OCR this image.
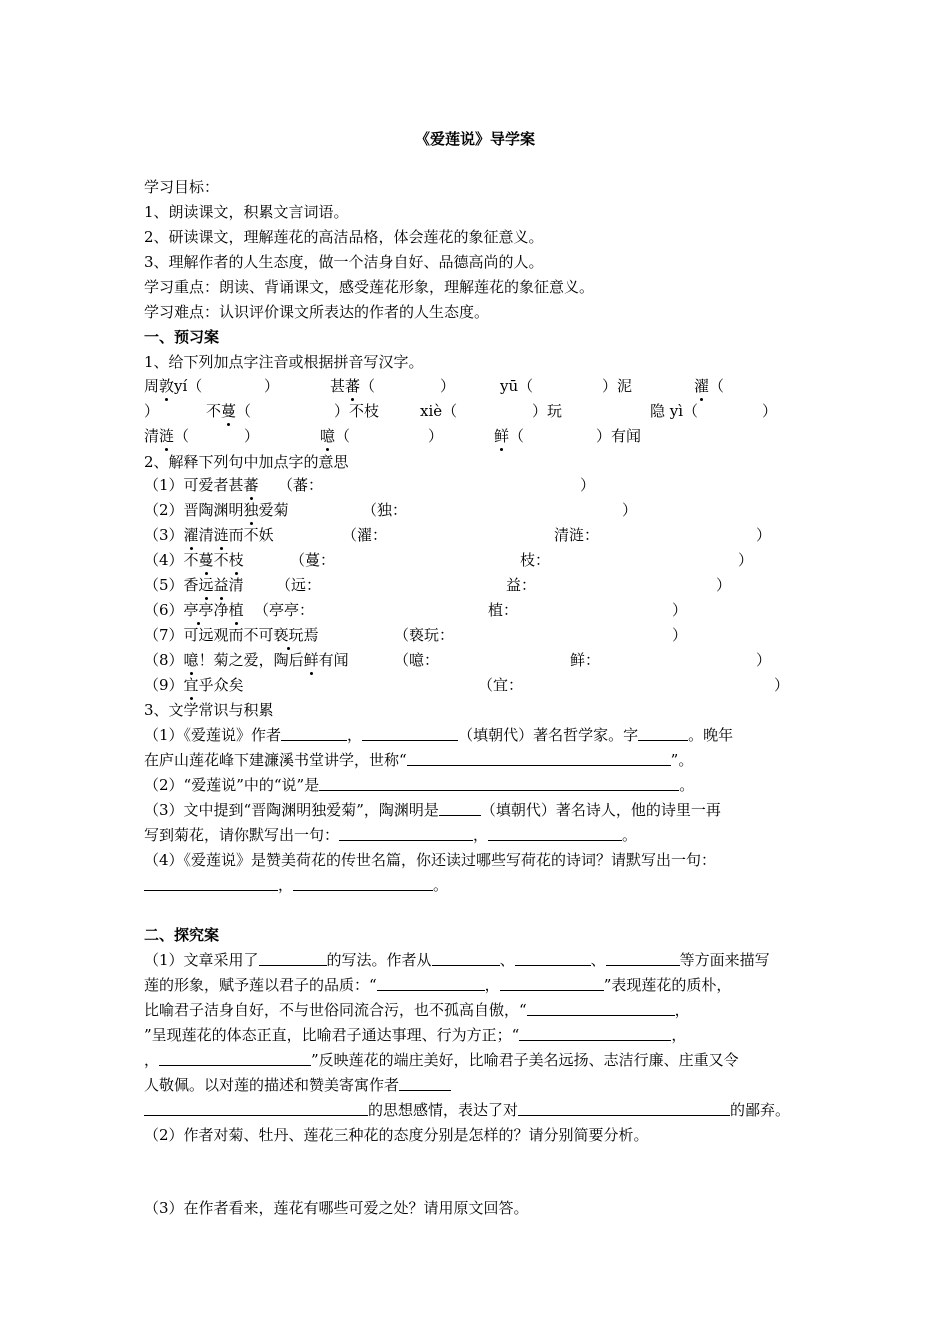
《爱莲说》导学案
学习目标：
1、朗读课文，积累文言词语。
2、研读课文，理解莲花的高洁品格，体会莲花的象征意义。
3、理解作者的人生态度，做一个洁身自好、品德高尚的人。
学习重点：朗读、背诵课文，感受莲花形象，理解莲花的象征意义。
学习难点：认识评价课文所表达的作者的人生态度。
一、预习案
1、给下列加点字注音或根据拼音写汉字。
周敦yí（	）	甚蕃（	）	yū（	）泥	濯（
）	不蔓（	）不枝	xiè（	）玩	隐 yì（	）
清涟（	）	噫（	）	鲜（	）有闻
2、解释下列句中加点字的意思
（1）可爱者甚蕃 （蕃：	）
（2）晋陶渊明独爱菊	（独：	）
（3）濯清涟而不妖	（濯：	清涟：	）
（4）不蔓不枝	（蔓：	枝：	）
（5）香远益清 （远：	益：	）
（6）亭亭净植 （亭亭：	植：	）
（7）可远观而不可亵玩焉	（亵玩：	）
（8）噫！菊之爱，陶后鲜有闻	（噫：	鲜：	）
（9）宜乎众矣	（宜：	）
3、文学常识与积累
（1）《爱莲说》作者	，	（填朝代）著名哲学家。字	。晚年
在庐山莲花峰下建濂溪书堂讲学，世称“	”。
（2）“爱莲说”中的“说”是	。
（3）文中提到“晋陶渊明独爱菊”，陶渊明是	（填朝代）著名诗人，他的诗里一再
写到菊花，请你默写出一句：	，	。
（4）《爱莲说》是赞美荷花的传世名篇，你还读过哪些写荷花的诗词？请默写出一句：
，	。
二、探究案
（1）文章采用了	的写法。作者从	、	、	等方面来描写
莲的形象，赋予莲以君子的品质：“	，	”表现莲花的质朴，
比喻君子洁身自好，不与世俗同流合污，也不孤高自傲，“	，
”呈现莲花的体态正直，比喻君子通达事理、行为方正；“	，
，	”反映莲花的端庄美好，比喻君子美名远扬、志洁行廉、庄重又令
人敬佩。以对莲的描述和赞美寄寓作者
的思想感情，表达了对	的鄙弃。
（2）作者对菊、牡丹、莲花三种花的态度分别是怎样的？请分别简要分析。
（3）在作者看来，莲花有哪些可爱之处？请用原文回答。
